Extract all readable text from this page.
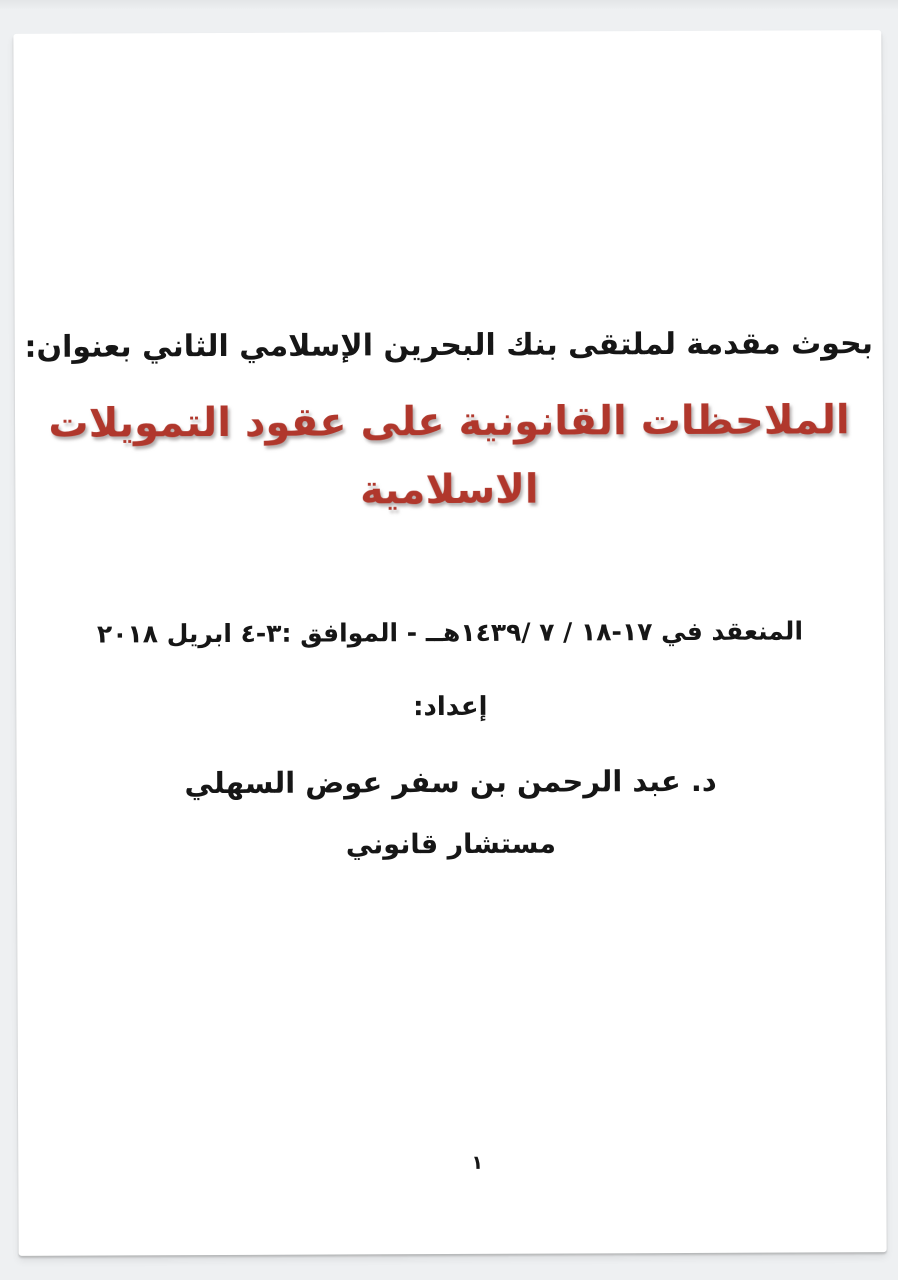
بحوث مقدمة لملتقى بنك البحرين الإسلامي الثاني بعنوان:

الملاحظات القانونية على عقود التمويلات
الاسلامية

المنعقد في ١٧-١٨ / ٧ /١٤٣٩هــ - الموافق :٣-٤ ابريل ٢٠١٨

إعداد:

د. عبد الرحمن بن سفر عوض السهلي

مستشار قانوني

١
